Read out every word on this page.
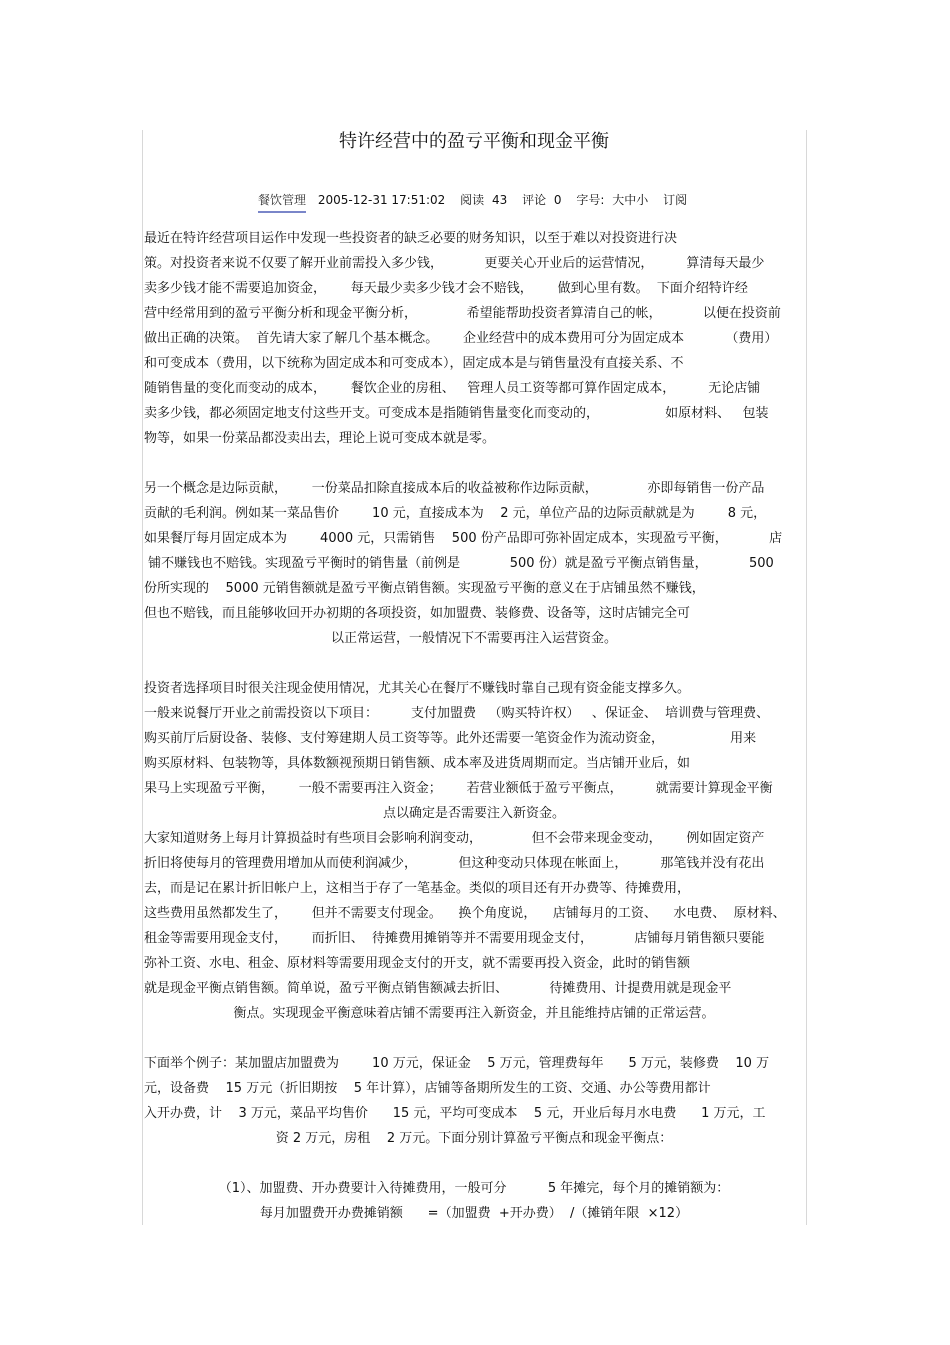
特许经营中的盈亏平衡和现金平衡
餐饮管理 2005-12-31 17:51:02 阅读 43 评论 0 字号: 大中小 订阅
最近在特许经营项目运作中发现一些投资者的缺乏必要的财务知识，以至于难以对投资进行决
策。对投资者来说不仅要了解开业前需投入多少钱，          更要关心开业后的运营情况，        算清每天最少
卖多少钱才能不需要追加资金，      每天最少卖多少钱才会不赔钱，      做到心里有数。  下面介绍特许经
营中经常用到的盈亏平衡分析和现金平衡分析，            希望能帮助投资者算清自己的帐，          以便在投资前
做出正确的决策。  首先请大家了解几个基本概念。      企业经营中的成本费用可分为固定成本          （费用）
和可变成本（费用，以下统称为固定成本和可变成本），固定成本是与销售量没有直接关系、不
随销售量的变化而变动的成本，      餐饮企业的房租、   管理人员工资等都可算作固定成本，        无论店铺
卖多少钱，都必须固定地支付这些开支。可变成本是指随销售量变化而变动的，                如原材料、   包装
物等，如果一份菜品都没卖出去，理论上说可变成本就是零。
另一个概念是边际贡献，      一份菜品扣除直接成本后的收益被称作边际贡献，            亦即每销售一份产品
贡献的毛利润。例如某一菜品售价        10 元，直接成本为    2 元，单位产品的边际贡献就是为        8 元，
如果餐厅每月固定成本为        4000 元，只需销售    500 份产品即可弥补固定成本，实现盈亏平衡，          店
铺不赚钱也不赔钱。实现盈亏平衡时的销售量（前例是            500 份）就是盈亏平衡点销售量，          500
份所实现的    5000 元销售额就是盈亏平衡点销售额。实现盈亏平衡的意义在于店铺虽然不赚钱，
但也不赔钱，而且能够收回开办初期的各项投资，如加盟费、装修费、设备等，这时店铺完全可
以正常运营，一般情况下不需要再注入运营资金。
投资者选择项目时很关注现金使用情况，尤其关心在餐厅不赚钱时靠自己现有资金能支撑多久。
一般来说餐厅开业之前需投资以下项目：        支付加盟费   （购买特许权）   、保证金、  培训费与管理费、
购买前厅后厨设备、装修、支付筹建期人员工资等等。此外还需要一笔资金作为流动资金，                用来
购买原材料、包装物等，具体数额视预期日销售额、成本率及进货周期而定。当店铺开业后，如
果马上实现盈亏平衡，      一般不需要再注入资金；      若营业额低于盈亏平衡点，        就需要计算现金平衡
点以确定是否需要注入新资金。
大家知道财务上每月计算损益时有些项目会影响利润变动，            但不会带来现金变动，      例如固定资产
折旧将使每月的管理费用增加从而使利润减少，          但这种变动只体现在帐面上，        那笔钱并没有花出
去，而是记在累计折旧帐户上，这相当于存了一笔基金。类似的项目还有开办费等、待摊费用，
这些费用虽然都发生了，      但并不需要支付现金。    换个角度说，    店铺每月的工资、    水电费、  原材料、
租金等需要用现金支付，      而折旧、  待摊费用摊销等并不需要用现金支付，          店铺每月销售额只要能
弥补工资、水电、租金、原材料等需要用现金支付的开支，就不需要再投入资金，此时的销售额
就是现金平衡点销售额。简单说，盈亏平衡点销售额减去折旧、          待摊费用、计提费用就是现金平
衡点。实现现金平衡意味着店铺不需要再注入新资金，并且能维持店铺的正常运营。
下面举个例子：某加盟店加盟费为        10 万元，保证金    5 万元，管理费每年      5 万元，装修费    10 万
元，设备费    15 万元（折旧期按    5 年计算），店铺等备期所发生的工资、交通、办公等费用都计
入开办费，计    3 万元，菜品平均售价      15 元，平均可变成本    5 元，开业后每月水电费      1 万元，工
资 2 万元，房租    2 万元。下面分别计算盈亏平衡点和现金平衡点：
（1）、加盟费、开办费要计入待摊费用，一般可分          5 年摊完，每个月的摊销额为：
每月加盟费开办费摊销额      =（加盟费  +开办费）  /（摊销年限  ×12）
